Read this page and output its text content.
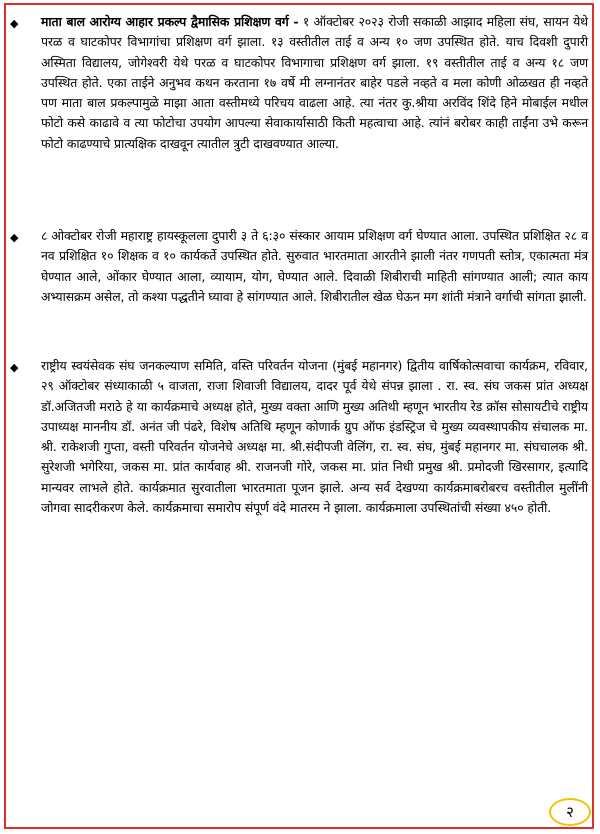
◆ माता बाल आरोग्य आहार प्रकल्प द्वैमासिक प्रशिक्षण वर्ग - १ ऑक्टोबर २०२३ रोजी सकाळी आझाद महिला संघ, सायन येथे परळ व घाटकोपर विभागांचा प्रशिक्षण वर्ग झाला. १३ वस्तीतील ताई व अन्य १० जण उपस्थित होते. याच दिवशी दुपारी अस्मिता विद्यालय, जोगेश्वरी येथे परळ व घाटकोपर विभागाचा प्रशिक्षण वर्ग झाला. १९ वस्तीतील ताई व अन्य १८ जण उपस्थित होते. एका ताईने अनुभव कथन करताना १७ वर्षे मी लग्नानंतर बाहेर पडले नव्हते व मला कोणी ओळखत ही नव्हते पण माता बाल प्रकल्पामुळे माझा आता वस्तीमध्ये परिचय वाढला आहे. त्या नंतर कु.श्रीया अरविंद शिंदे हिने मोबाईल मधील फोटो कसे काढावे व त्या फोटोचा उपयोग आपल्या सेवाकार्यासाठी किती महत्वाचा आहे. त्यांनं बरोबर काही ताईंना उभे करून फोटो काढण्याचे प्रात्यक्षिक दाखवून त्यातील त्रुटी दाखवण्यात आल्या.
◆ ८ ओक्टोबर रोजी महाराष्ट्र हायस्कूलला दुपारी ३ ते ६:३० संस्कार आयाम प्रशिक्षण वर्ग घेण्यात आला. उपस्थित प्रशिक्षित २८ व नव प्रशिक्षित १० शिक्षक व १० कार्यकर्ते उपस्थित होते. सुरुवात भारतमाता आरतीने झाली नंतर गणपती स्तोत्र, एकात्मता मंत्र घेण्यात आले, ओंकार घेण्यात आला, व्यायाम, योग, घेण्यात आले. दिवाळी शिबीराची माहिती सांगण्यात आली; त्यात काय अभ्यासक्रम असेल, तो कश्या पद्धतीने घ्यावा हे सांगण्यात आले. शिबीरातील खेळ घेऊन मग शांती मंत्राने वर्गाची सांगता झाली.
◆ राष्ट्रीय स्वयंसेवक संघ जनकल्याण समिति, वस्ति परिवर्तन योजना (मुंबई महानगर) द्वितीय वार्षिकोत्सवाचा कार्यक्रम, रविवार, २९ ऑक्टोबर संध्याकाळी ५ वाजता, राजा शिवाजी विद्यालय, दादर पूर्व येथे संपन्न झाला . रा. स्व. संघ जकस प्रांत अध्यक्ष डॉ.अजितजी मराठे हे या कार्यक्रमाचे अध्यक्ष होते, मुख्य वक्ता आणि मुख्य अतिथी म्हणून भारतीय रेड क्रॉस सोसायटीचे राष्ट्रीय उपाध्यक्ष माननीय डॉ. अनंत जी पंढरे, विशेष अतिथि म्हणून कोणार्क ग्रुप ऑफ इंडस्ट्रिज चे मुख्य व्यवस्थापकीय संचालक मा. श्री. राकेशजी गुप्ता, वस्ती परिवर्तन योजनेचे अध्यक्ष मा. श्री.संदीपजी वेलिंग, रा. स्व. संघ, मुंबई महानगर मा. संघचालक श्री. सुरेशजी भगेरिया, जकस मा. प्रांत कार्यवाह श्री. राजनजी गोरे, जकस मा. प्रांत निधी प्रमुख श्री. प्रमोदजी खिरसागर, इत्यादि मान्यवर लाभले होते. कार्यक्रमात सुरवातीला भारतमाता पूजन झाले. अन्य सर्व देखण्या कार्यक्रमाबरोबरच वस्तीतील मुलींनी जोगवा सादरीकरण केले. कार्यक्रमाचा समारोप संपूर्ण वंदे मातरम ने झाला. कार्यक्रमाला उपस्थितांची संख्या ४५० होती.
२
